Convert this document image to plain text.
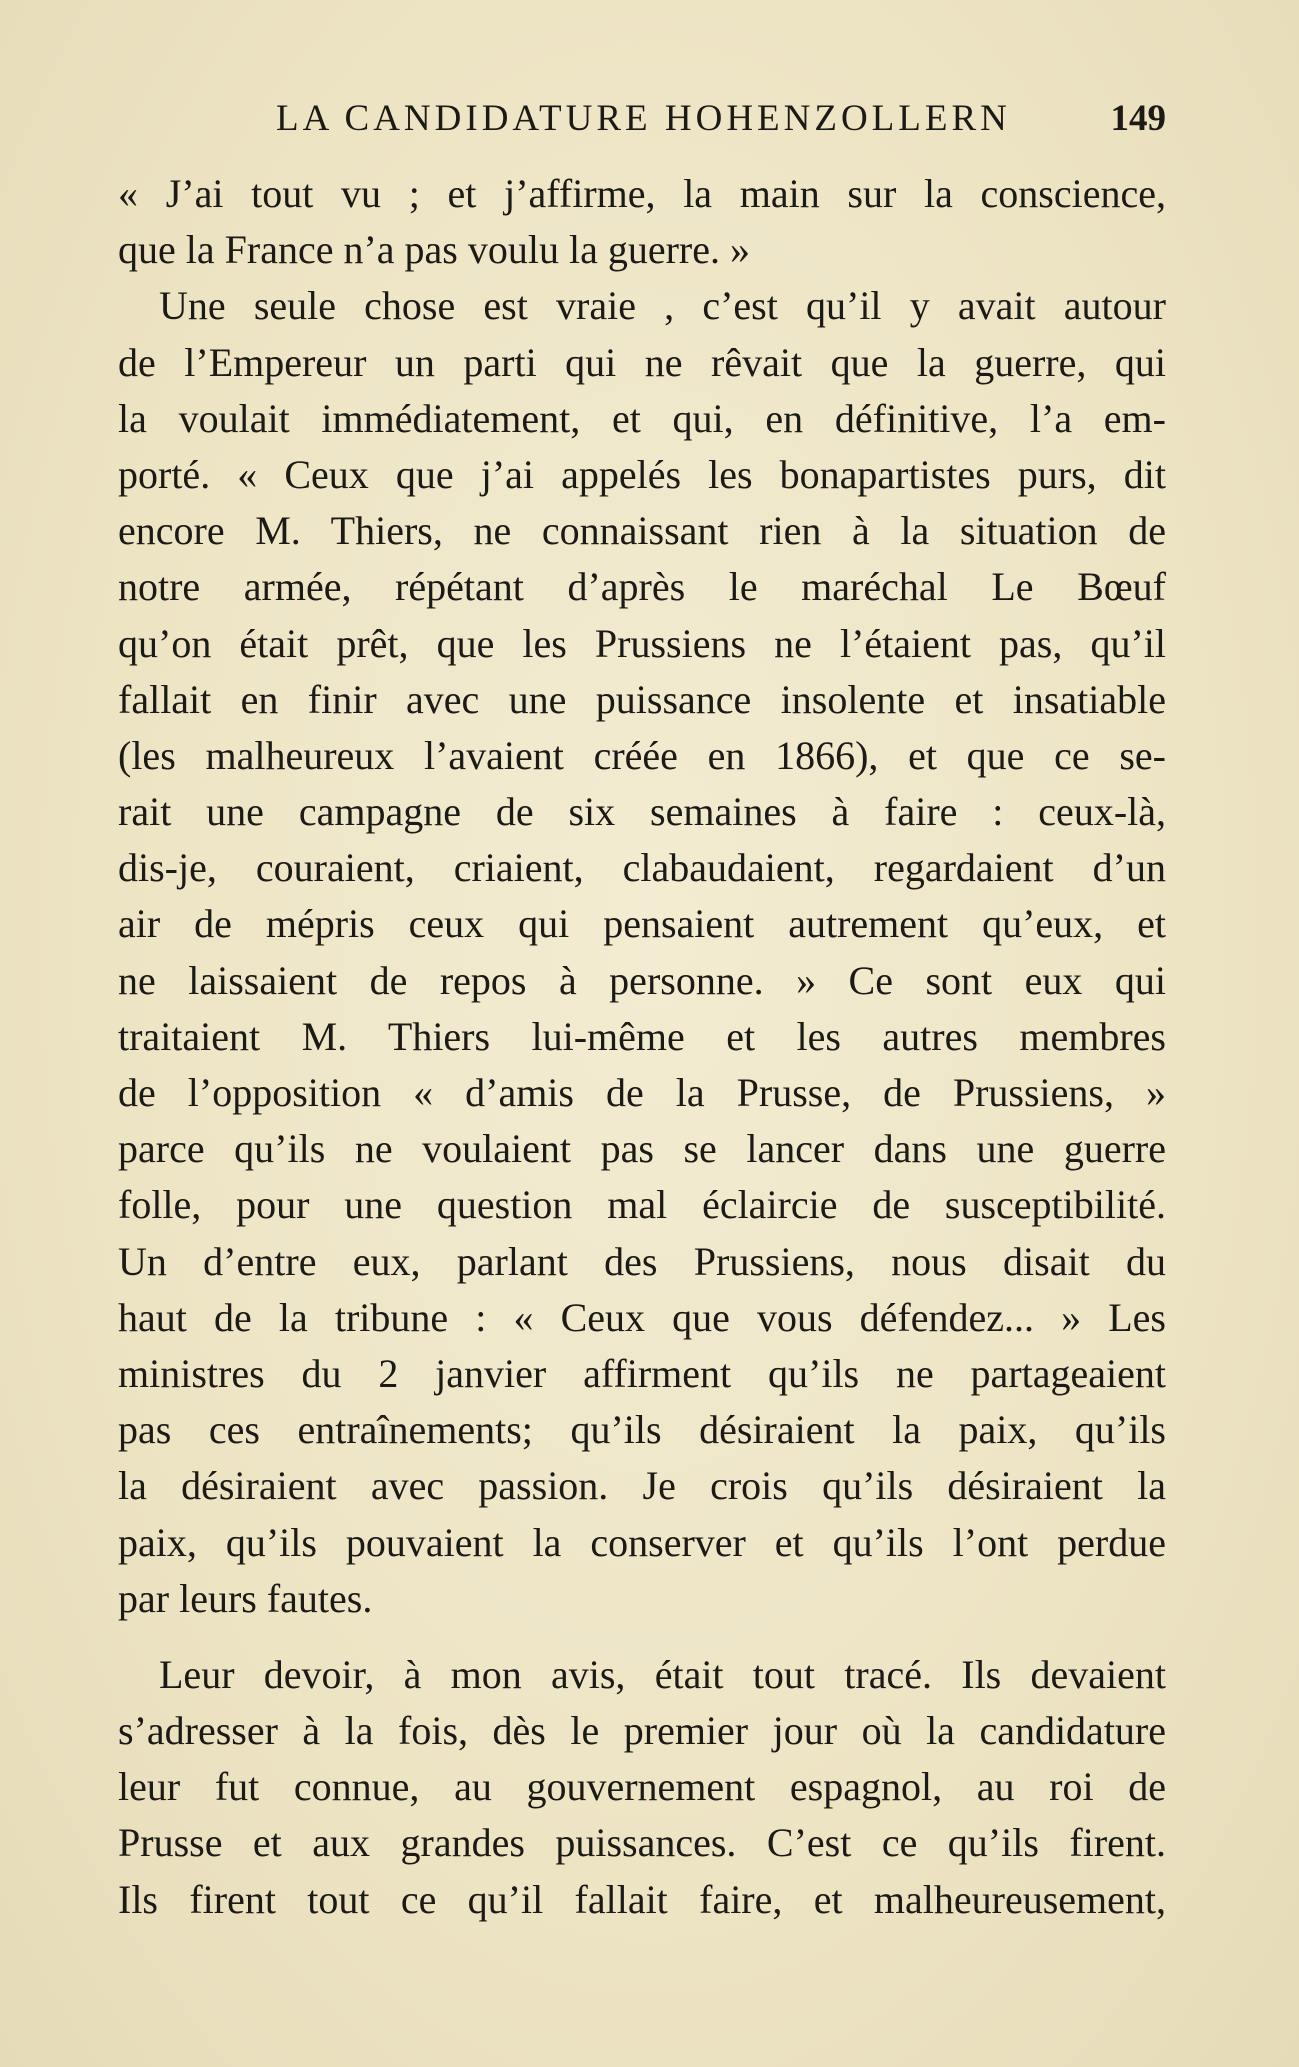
LA CANDIDATURE HOHENZOLLERN	149
« J’ai tout vu ; et j’affirme, la main sur la conscience,
que la France n’a pas voulu la guerre. »
Une seule chose est vraie , c’est qu’il y avait autour
de l’Empereur un parti qui ne rêvait que la guerre, qui
la voulait immédiatement, et qui, en définitive, l’a em-
porté. « Ceux que j’ai appelés les bonapartistes purs, dit
encore M. Thiers, ne connaissant rien à la situation de
notre armée, répétant d’après le maréchal Le Bœuf
qu’on était prêt, que les Prussiens ne l’étaient pas, qu’il
fallait en finir avec une puissance insolente et insatiable
(les malheureux l’avaient créée en 1866), et que ce se-
rait une campagne de six semaines à faire : ceux-là,
dis-je, couraient, criaient, clabaudaient, regardaient d’un
air de mépris ceux qui pensaient autrement qu’eux, et
ne laissaient de repos à personne. » Ce sont eux qui
traitaient M. Thiers lui-même et les autres membres
de l’opposition « d’amis de la Prusse, de Prussiens, »
parce qu’ils ne voulaient pas se lancer dans une guerre
folle, pour une question mal éclaircie de susceptibilité.
Un d’entre eux, parlant des Prussiens, nous disait du
haut de la tribune : « Ceux que vous défendez... » Les
ministres du 2 janvier affirment qu’ils ne partageaient
pas ces entraînements; qu’ils désiraient la paix, qu’ils
la désiraient avec passion. Je crois qu’ils désiraient la
paix, qu’ils pouvaient la conserver et qu’ils l’ont perdue
par leurs fautes.
Leur devoir, à mon avis, était tout tracé. Ils devaient
s’adresser à la fois, dès le premier jour où la candidature
leur fut connue, au gouvernement espagnol, au roi de
Prusse et aux grandes puissances. C’est ce qu’ils firent.
Ils firent tout ce qu’il fallait faire, et malheureusement,
